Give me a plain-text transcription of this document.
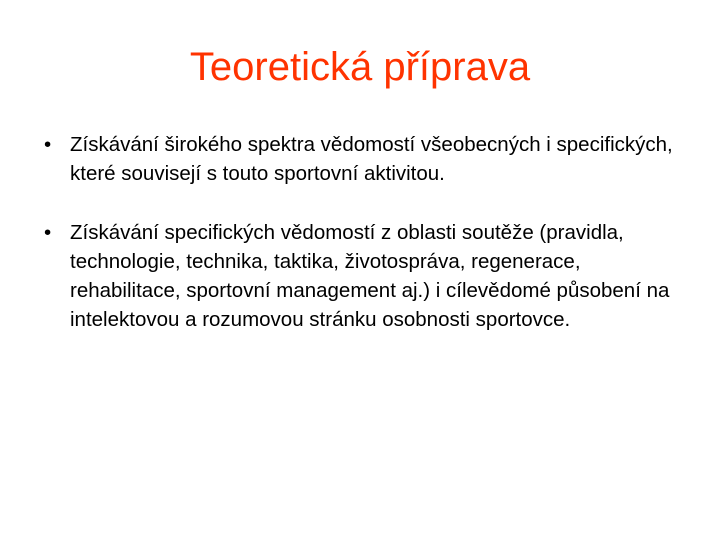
Teoretická příprava
• Získávání širokého spektra vědomostí všeobecných i specifických, které souvisejí s touto sportovní aktivitou.
• Získávání specifických vědomostí z oblasti soutěže (pravidla, technologie, technika, taktika, životospráva, regenerace, rehabilitace, sportovní management aj.) i cílevědomé působení na intelektovou a rozumovou stránku osobnosti sportovce.
